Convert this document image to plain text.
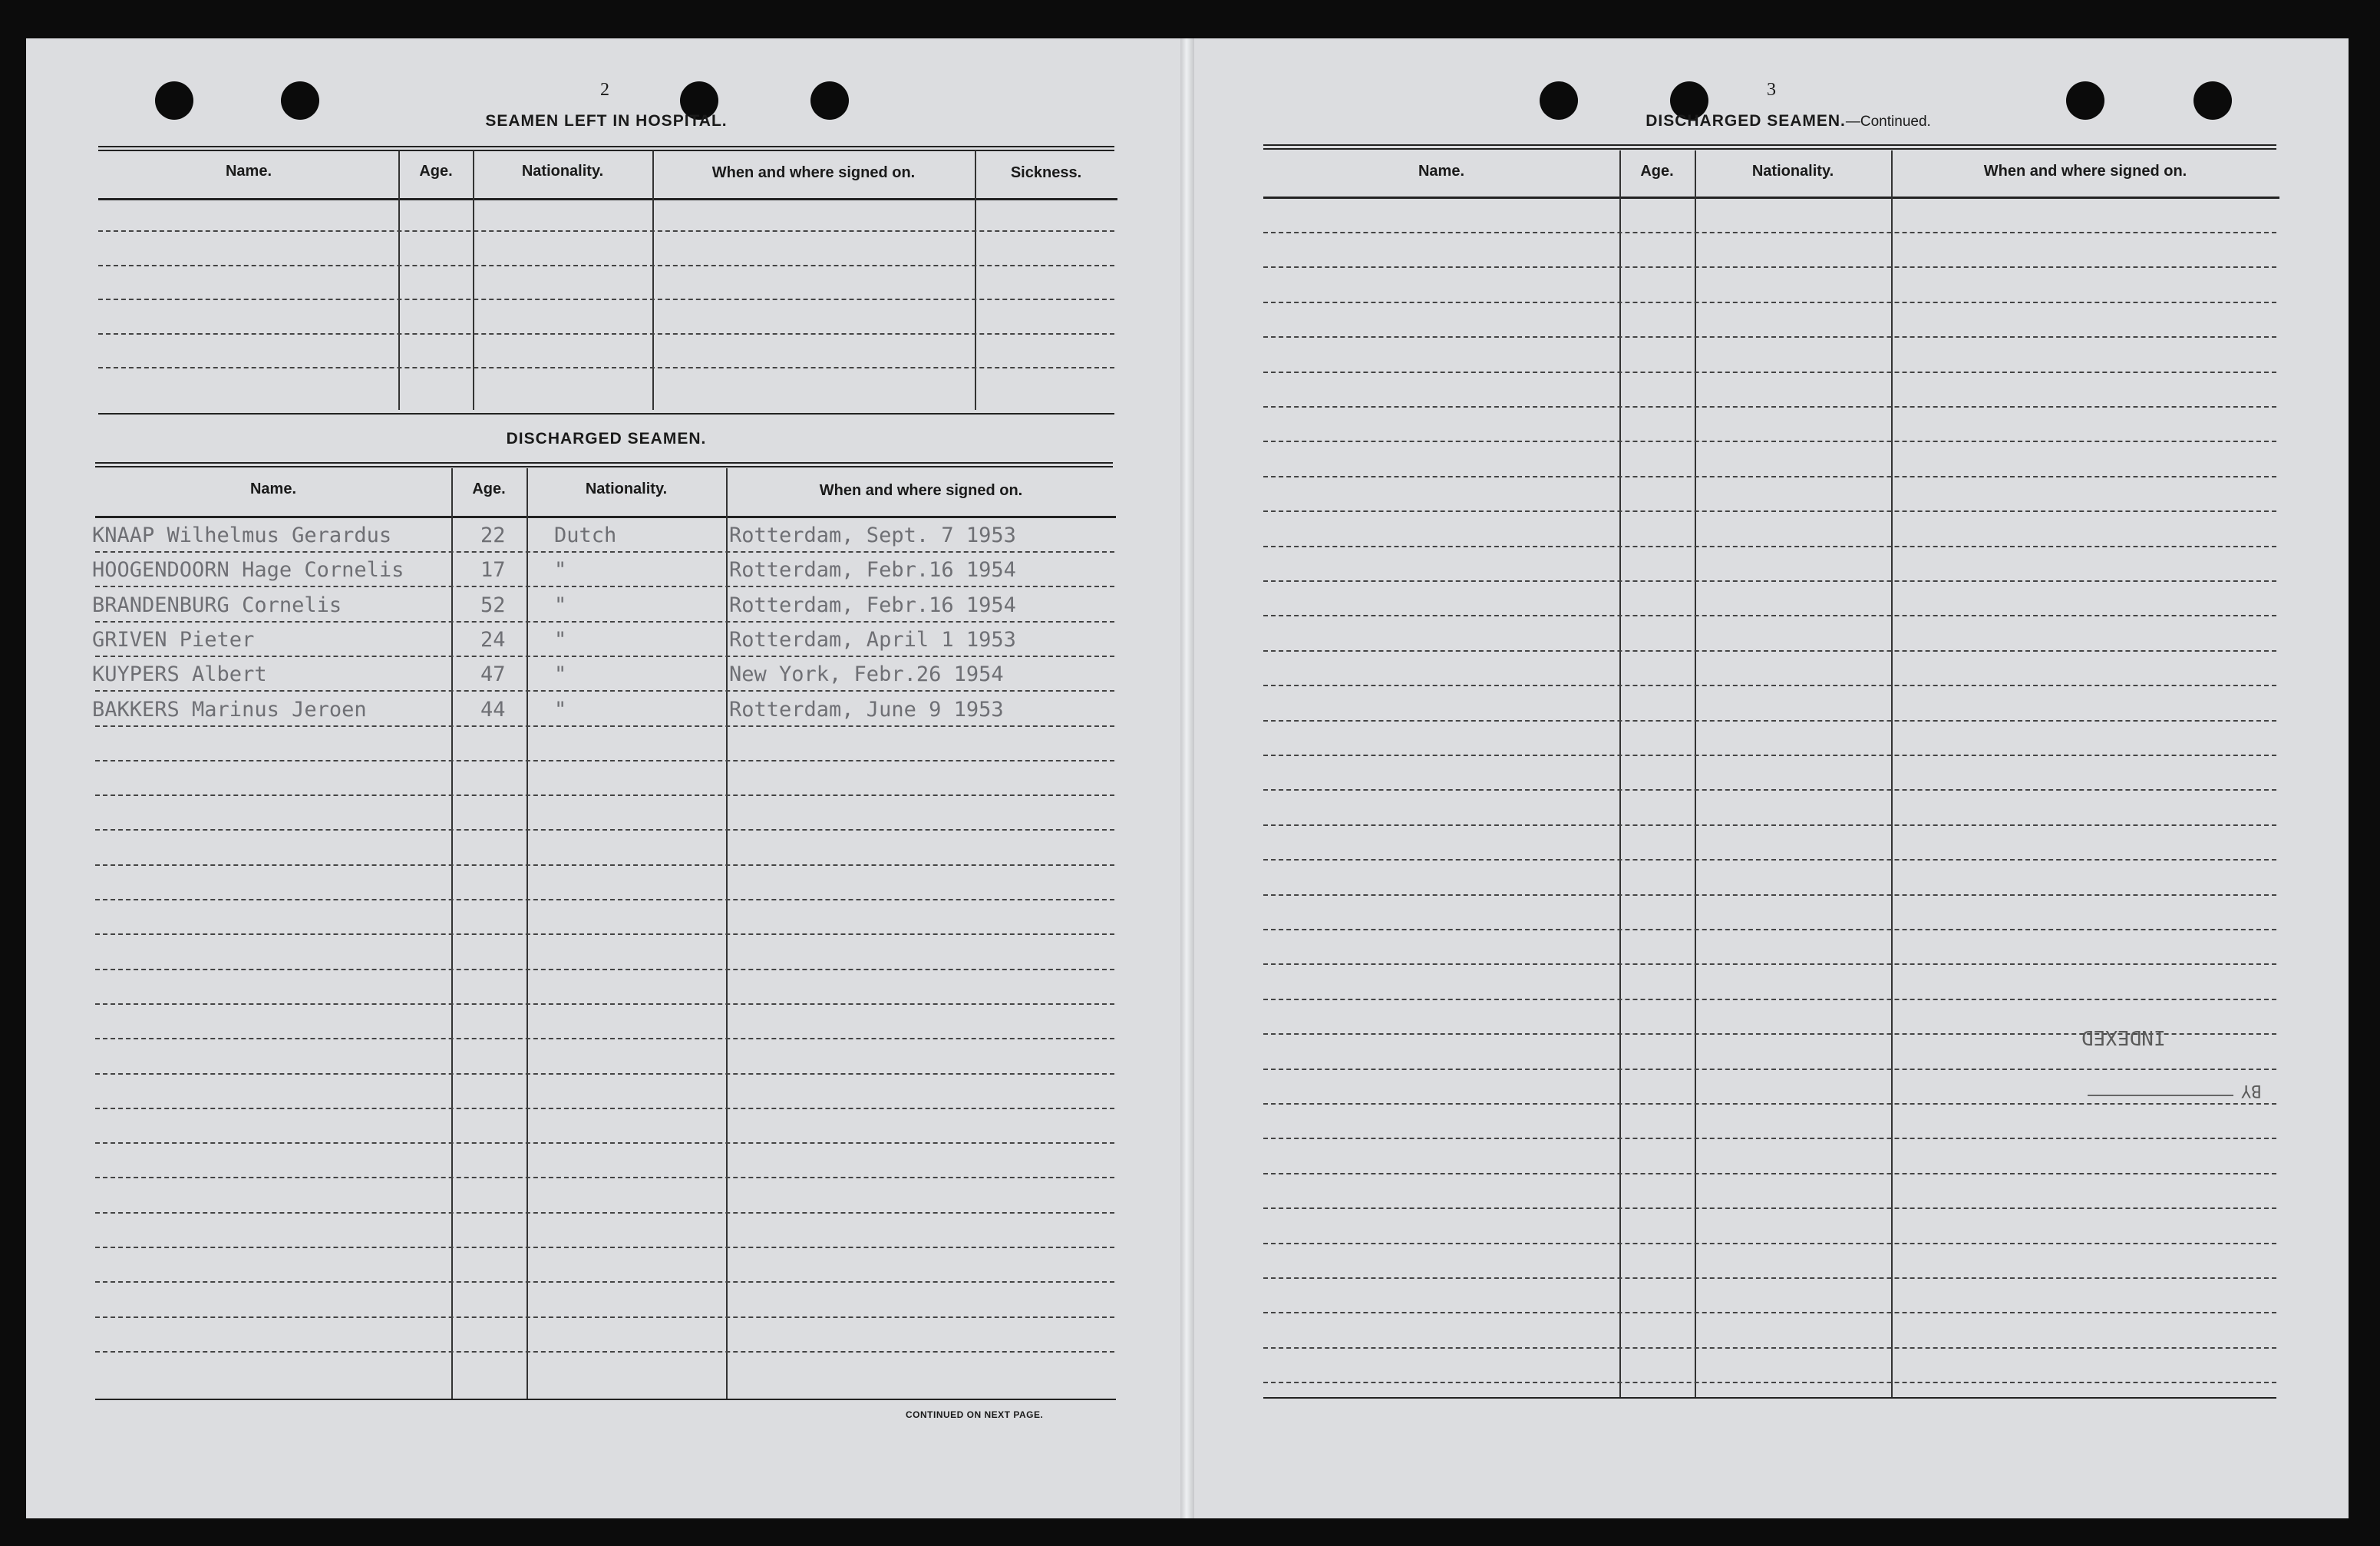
2
SEAMEN LEFT IN HOSPITAL.
Name.	Age.	Nationality.	When and where signed on.	Sickness.
DISCHARGED SEAMEN.
Name.	Age.	Nationality.	When and where signed on.
KNAAP Wilhelmus Gerardus	22 Dutch	Rotterdam, Sept. 7 1953
HOOGENDOORN Hage Cornelis	17 "	Rotterdam, Febr.16 1954
BRANDENBURG Cornelis	52 "	Rotterdam, Febr.16 1954
GRIVEN Pieter	24 "	Rotterdam, April 1 1953
KUYPERS Albert	47 "	New York, Febr.26 1954
BAKKERS Marinus Jeroen	44 "	Rotterdam, June 9 1953
CONTINUED ON NEXT PAGE.
3
DISCHARGED SEAMEN.—Continued.
Name.	Age.	Nationality.	When and where signed on.
INDEXED
BY
